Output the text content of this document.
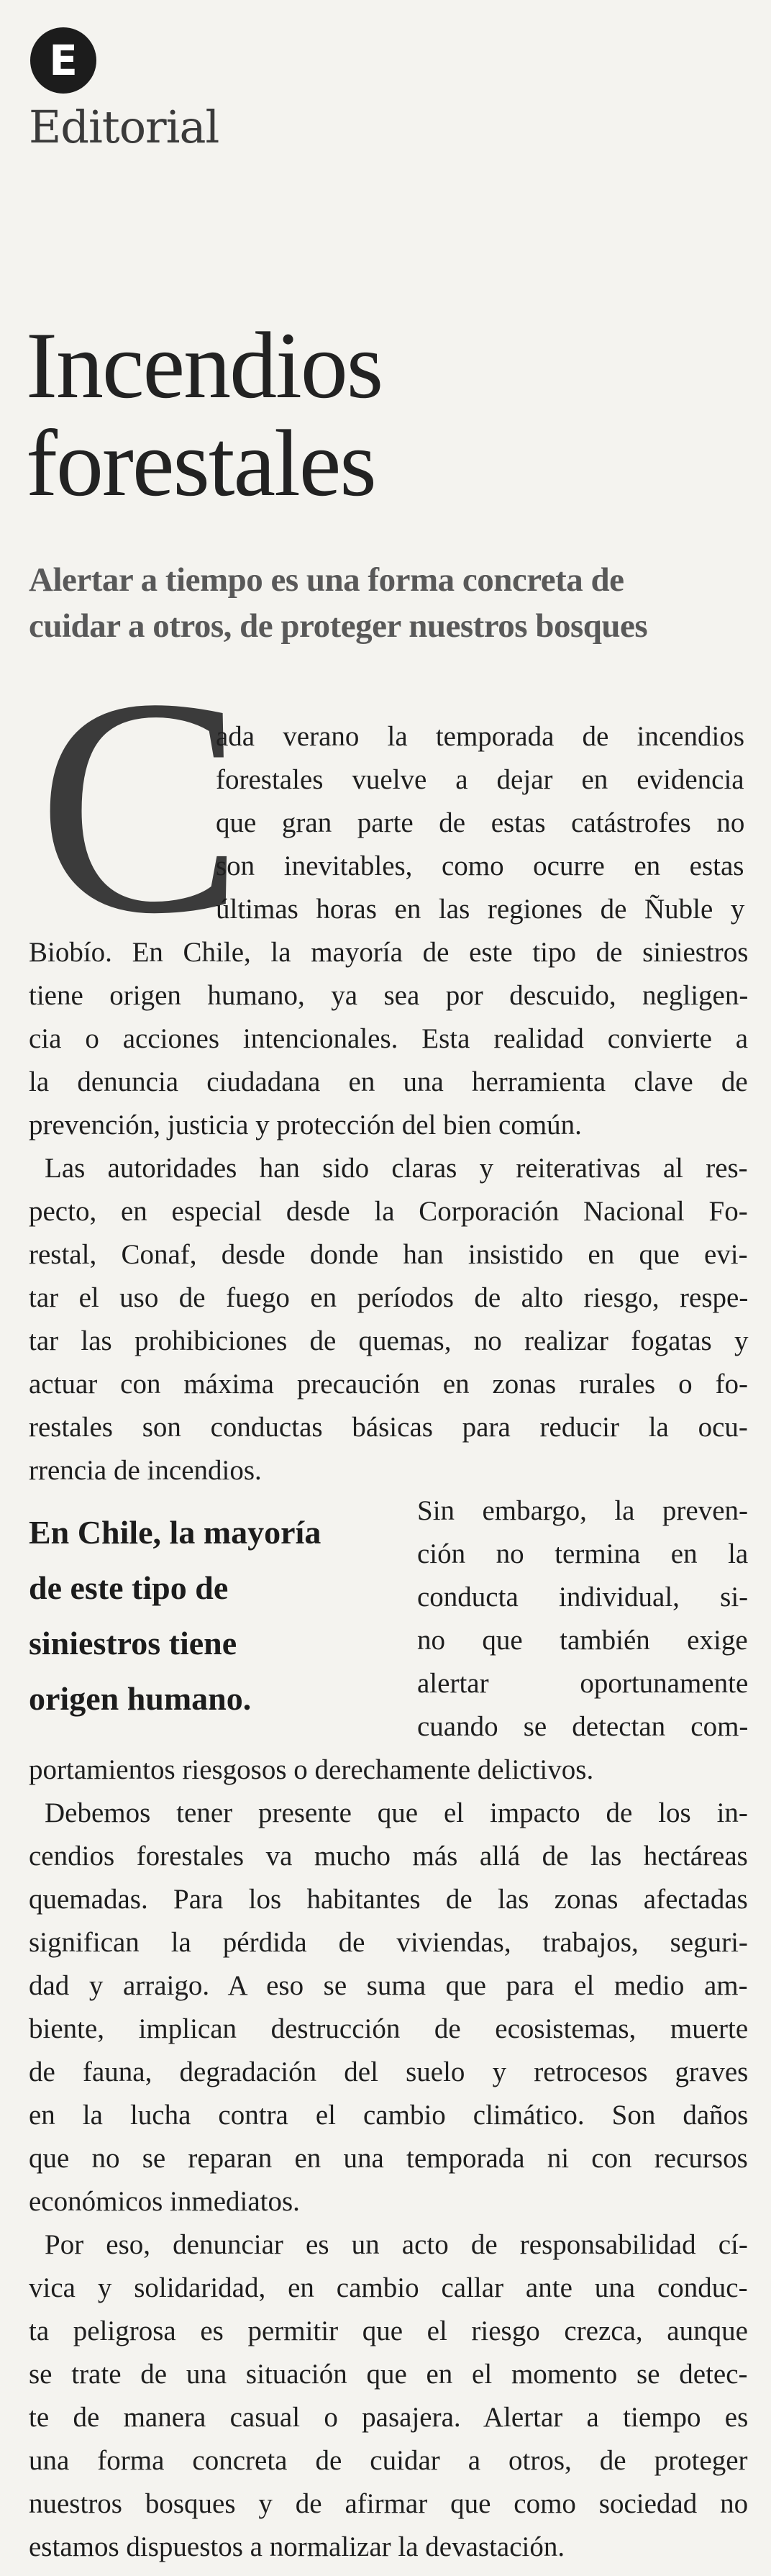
E
Editorial
Incendios
forestales
Alertar a tiempo es una forma concreta de
cuidar a otros, de proteger nuestros bosques
C
ada verano la temporada de incendios
forestales vuelve a dejar en evidencia
que gran parte de estas catástrofes no
son inevitables, como ocurre en estas
últimas horas en las regiones de Ñuble y
Biobío. En Chile, la mayoría de este tipo de siniestros
tiene origen humano, ya sea por descuido, negligen-
cia o acciones intencionales. Esta realidad convierte a
la denuncia ciudadana en una herramienta clave de
prevención, justicia y protección del bien común.
Las autoridades han sido claras y reiterativas al res-
pecto, en especial desde la Corporación Nacional Fo-
restal, Conaf, desde donde han insistido en que evi-
tar el uso de fuego en períodos de alto riesgo, respe-
tar las prohibiciones de quemas, no realizar fogatas y
actuar con máxima precaución en zonas rurales o fo-
restales son conductas básicas para reducir la ocu-
rrencia de incendios.
Sin embargo, la preven-
ción no termina en la
conducta individual, si-
no que también exige
alertar oportunamente
cuando se detectan com-
portamientos riesgosos o derechamente delictivos.
Debemos tener presente que el impacto de los in-
cendios forestales va mucho más allá de las hectáreas
quemadas. Para los habitantes de las zonas afectadas
significan la pérdida de viviendas, trabajos, seguri-
dad y arraigo. A eso se suma que para el medio am-
biente, implican destrucción de ecosistemas, muerte
de fauna, degradación del suelo y retrocesos graves
en la lucha contra el cambio climático. Son daños
que no se reparan en una temporada ni con recursos
económicos inmediatos.
Por eso, denunciar es un acto de responsabilidad cí-
vica y solidaridad, en cambio callar ante una conduc-
ta peligrosa es permitir que el riesgo crezca, aunque
se trate de una situación que en el momento se detec-
te de manera casual o pasajera. Alertar a tiempo es
una forma concreta de cuidar a otros, de proteger
nuestros bosques y de afirmar que como sociedad no
estamos dispuestos a normalizar la devastación.
En Chile, la mayoría
de este tipo de
siniestros tiene
origen humano.
